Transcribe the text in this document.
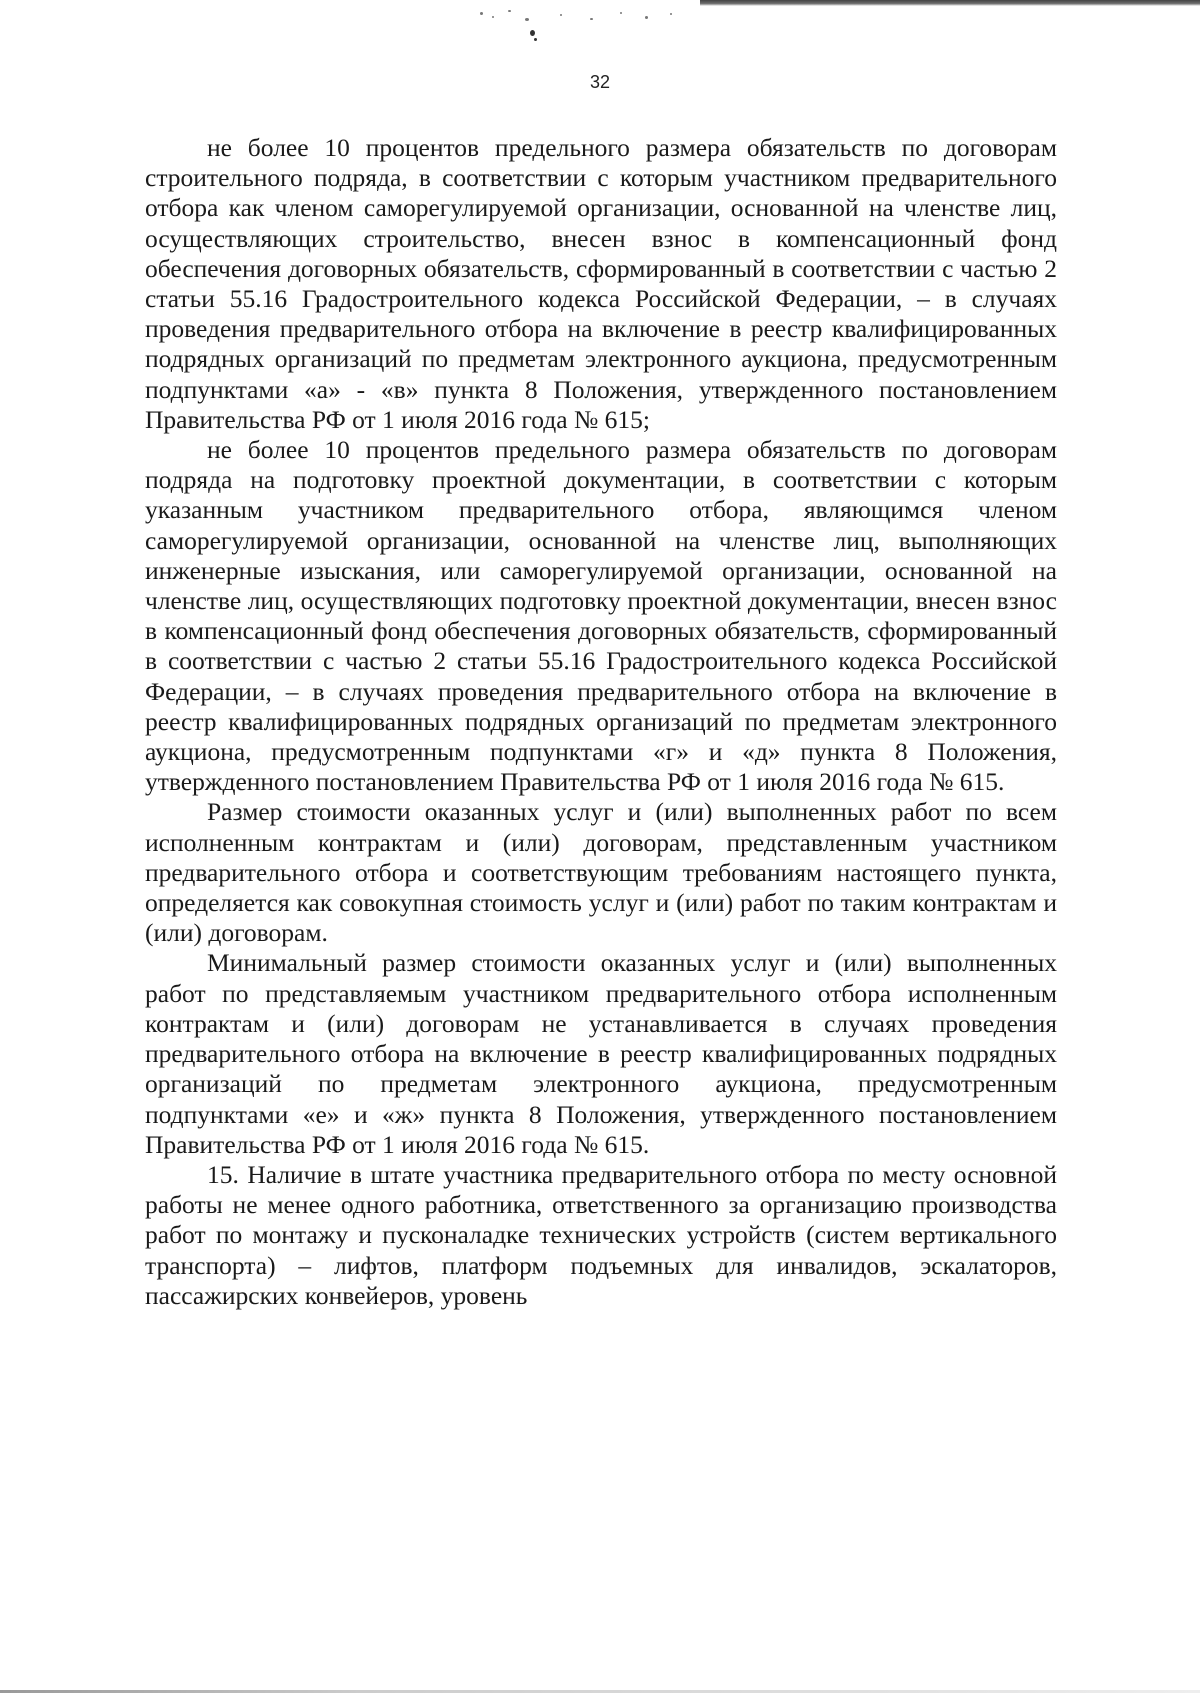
32

не более 10 процентов предельного размера обязательств по договорам строительного подряда, в соответствии с которым участником предварительного отбора как членом саморегулируемой организации, основанной на членстве лиц, осуществляющих строительство, внесен взнос в компенсационный фонд обеспечения договорных обязательств, сформированный в соответствии с частью 2 статьи 55.16 Градостроительного кодекса Российской Федерации, – в случаях проведения предварительного отбора на включение в реестр квалифицированных подрядных организаций по предметам электронного аукциона, предусмотренным подпунктами «а» - «в» пункта 8 Положения, утвержденного постановлением Правительства РФ от 1 июля 2016 года № 615;

не более 10 процентов предельного размера обязательств по договорам подряда на подготовку проектной документации, в соответствии с которым указанным участником предварительного отбора, являющимся членом саморегулируемой организации, основанной на членстве лиц, выполняющих инженерные изыскания, или саморегулируемой организации, основанной на членстве лиц, осуществляющих подготовку проектной документации, внесен взнос в компенсационный фонд обеспечения договорных обязательств, сформированный в соответствии с частью 2 статьи 55.16 Градостроительного кодекса Российской Федерации, – в случаях проведения предварительного отбора на включение в реестр квалифицированных подрядных организаций по предметам электронного аукциона, предусмотренным подпунктами «г» и «д» пункта 8 Положения, утвержденного постановлением Правительства РФ от 1 июля 2016 года № 615.

Размер стоимости оказанных услуг и (или) выполненных работ по всем исполненным контрактам и (или) договорам, представленным участником предварительного отбора и соответствующим требованиям настоящего пункта, определяется как совокупная стоимость услуг и (или) работ по таким контрактам и (или) договорам.

Минимальный размер стоимости оказанных услуг и (или) выполненных работ по представляемым участником предварительного отбора исполненным контрактам и (или) договорам не устанавливается в случаях проведения предварительного отбора на включение в реестр квалифицированных подрядных организаций по предметам электронного аукциона, предусмотренным подпунктами «е» и «ж» пункта 8 Положения, утвержденного постановлением Правительства РФ от 1 июля 2016 года № 615.

15. Наличие в штате участника предварительного отбора по месту основной работы не менее одного работника, ответственного за организацию производства работ по монтажу и пусконаладке технических устройств (систем вертикального транспорта) – лифтов, платформ подъемных для инвалидов, эскалаторов, пассажирских конвейеров, уровень
